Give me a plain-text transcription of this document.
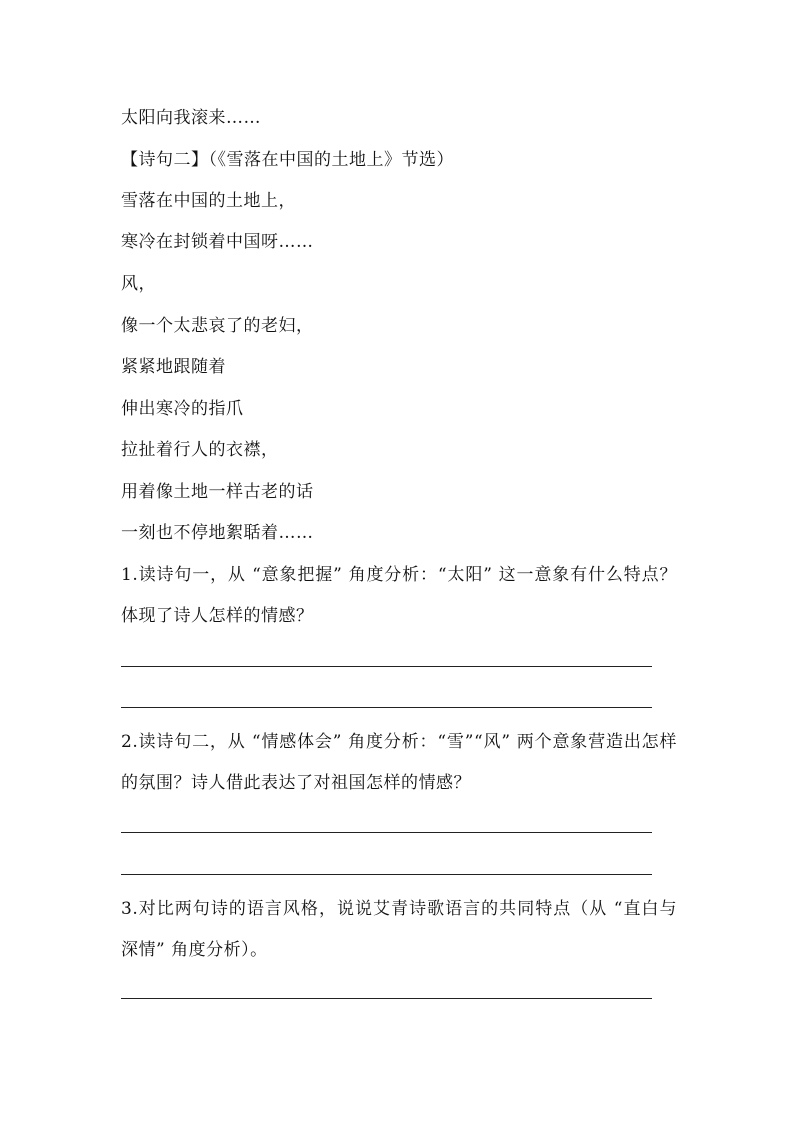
太阳向我滚来……
【诗句二】（《雪落在中国的土地上》节选）
雪落在中国的土地上，
寒冷在封锁着中国呀……
风，
像一个太悲哀了的老妇，
紧紧地跟随着
伸出寒冷的指爪
拉扯着行人的衣襟，
用着像土地一样古老的话
一刻也不停地絮聒着……
1.读诗句一，从 “意象把握” 角度分析：“太阳” 这一意象有什么特点？体现了诗人怎样的情感？
2.读诗句二，从 “情感体会” 角度分析：“雪”“风” 两个意象营造出怎样的氛围？诗人借此表达了对祖国怎样的情感？
3.对比两句诗的语言风格，说说艾青诗歌语言的共同特点（从 “直白与深情” 角度分析）。
